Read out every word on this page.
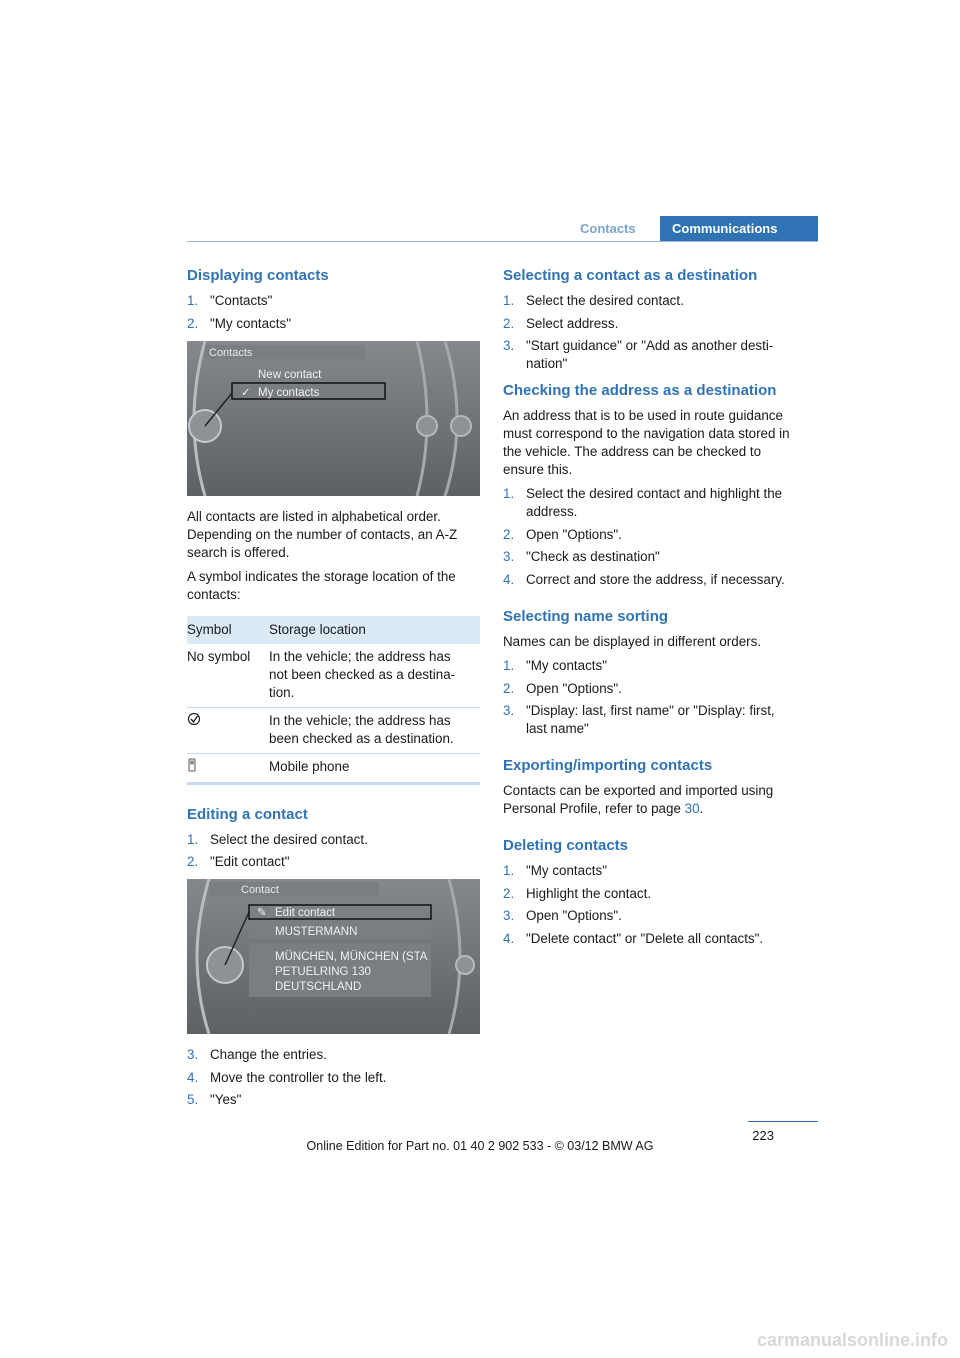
Contacts	Communications
Displaying contacts
1. "Contacts"
2. "My contacts"
Contacts
New contact
✓ My contacts

All contacts are listed in alphabetical order. Depending on the number of contacts, an A-Z search is offered.

A symbol indicates the storage location of the contacts:

Symbol	Storage location
No symbol	In the vehicle; the address has not been checked as a destina-tion.
	In the vehicle; the address has been checked as a destination.
	Mobile phone
Editing a contact
1. Select the desired contact.
2. "Edit contact"
Contact
✎ Edit contact
MUSTERMANN
MÜNCHEN, MÜNCHEN (STA
PETUELRING 130
DEUTSCHLAND
3. Change the entries.
4. Move the controller to the left.
5. "Yes"
Selecting a contact as a destination
1. Select the desired contact.
2. Select address.
3. "Start guidance" or "Add as another desti-nation"
Checking the address as a destination

An address that is to be used in route guidance must correspond to the navigation data stored in the vehicle. The address can be checked to ensure this.

1. Select the desired contact and highlight the address.
2. Open "Options".
3. "Check as destination"
4. Correct and store the address, if necessary.
Selecting name sorting

Names can be displayed in different orders.

1. "My contacts"
2. Open "Options".
3. "Display: last, first name" or "Display: first, last name"
Exporting/importing contacts

Contacts can be exported and imported using Personal Profile, refer to page 30.

Deleting contacts
1. "My contacts"
2. Highlight the contact.
3. Open "Options".
4. "Delete contact" or "Delete all contacts".
223
Online Edition for Part no. 01 40 2 902 533 - © 03/12 BMW AG
carmanualsonline.info
